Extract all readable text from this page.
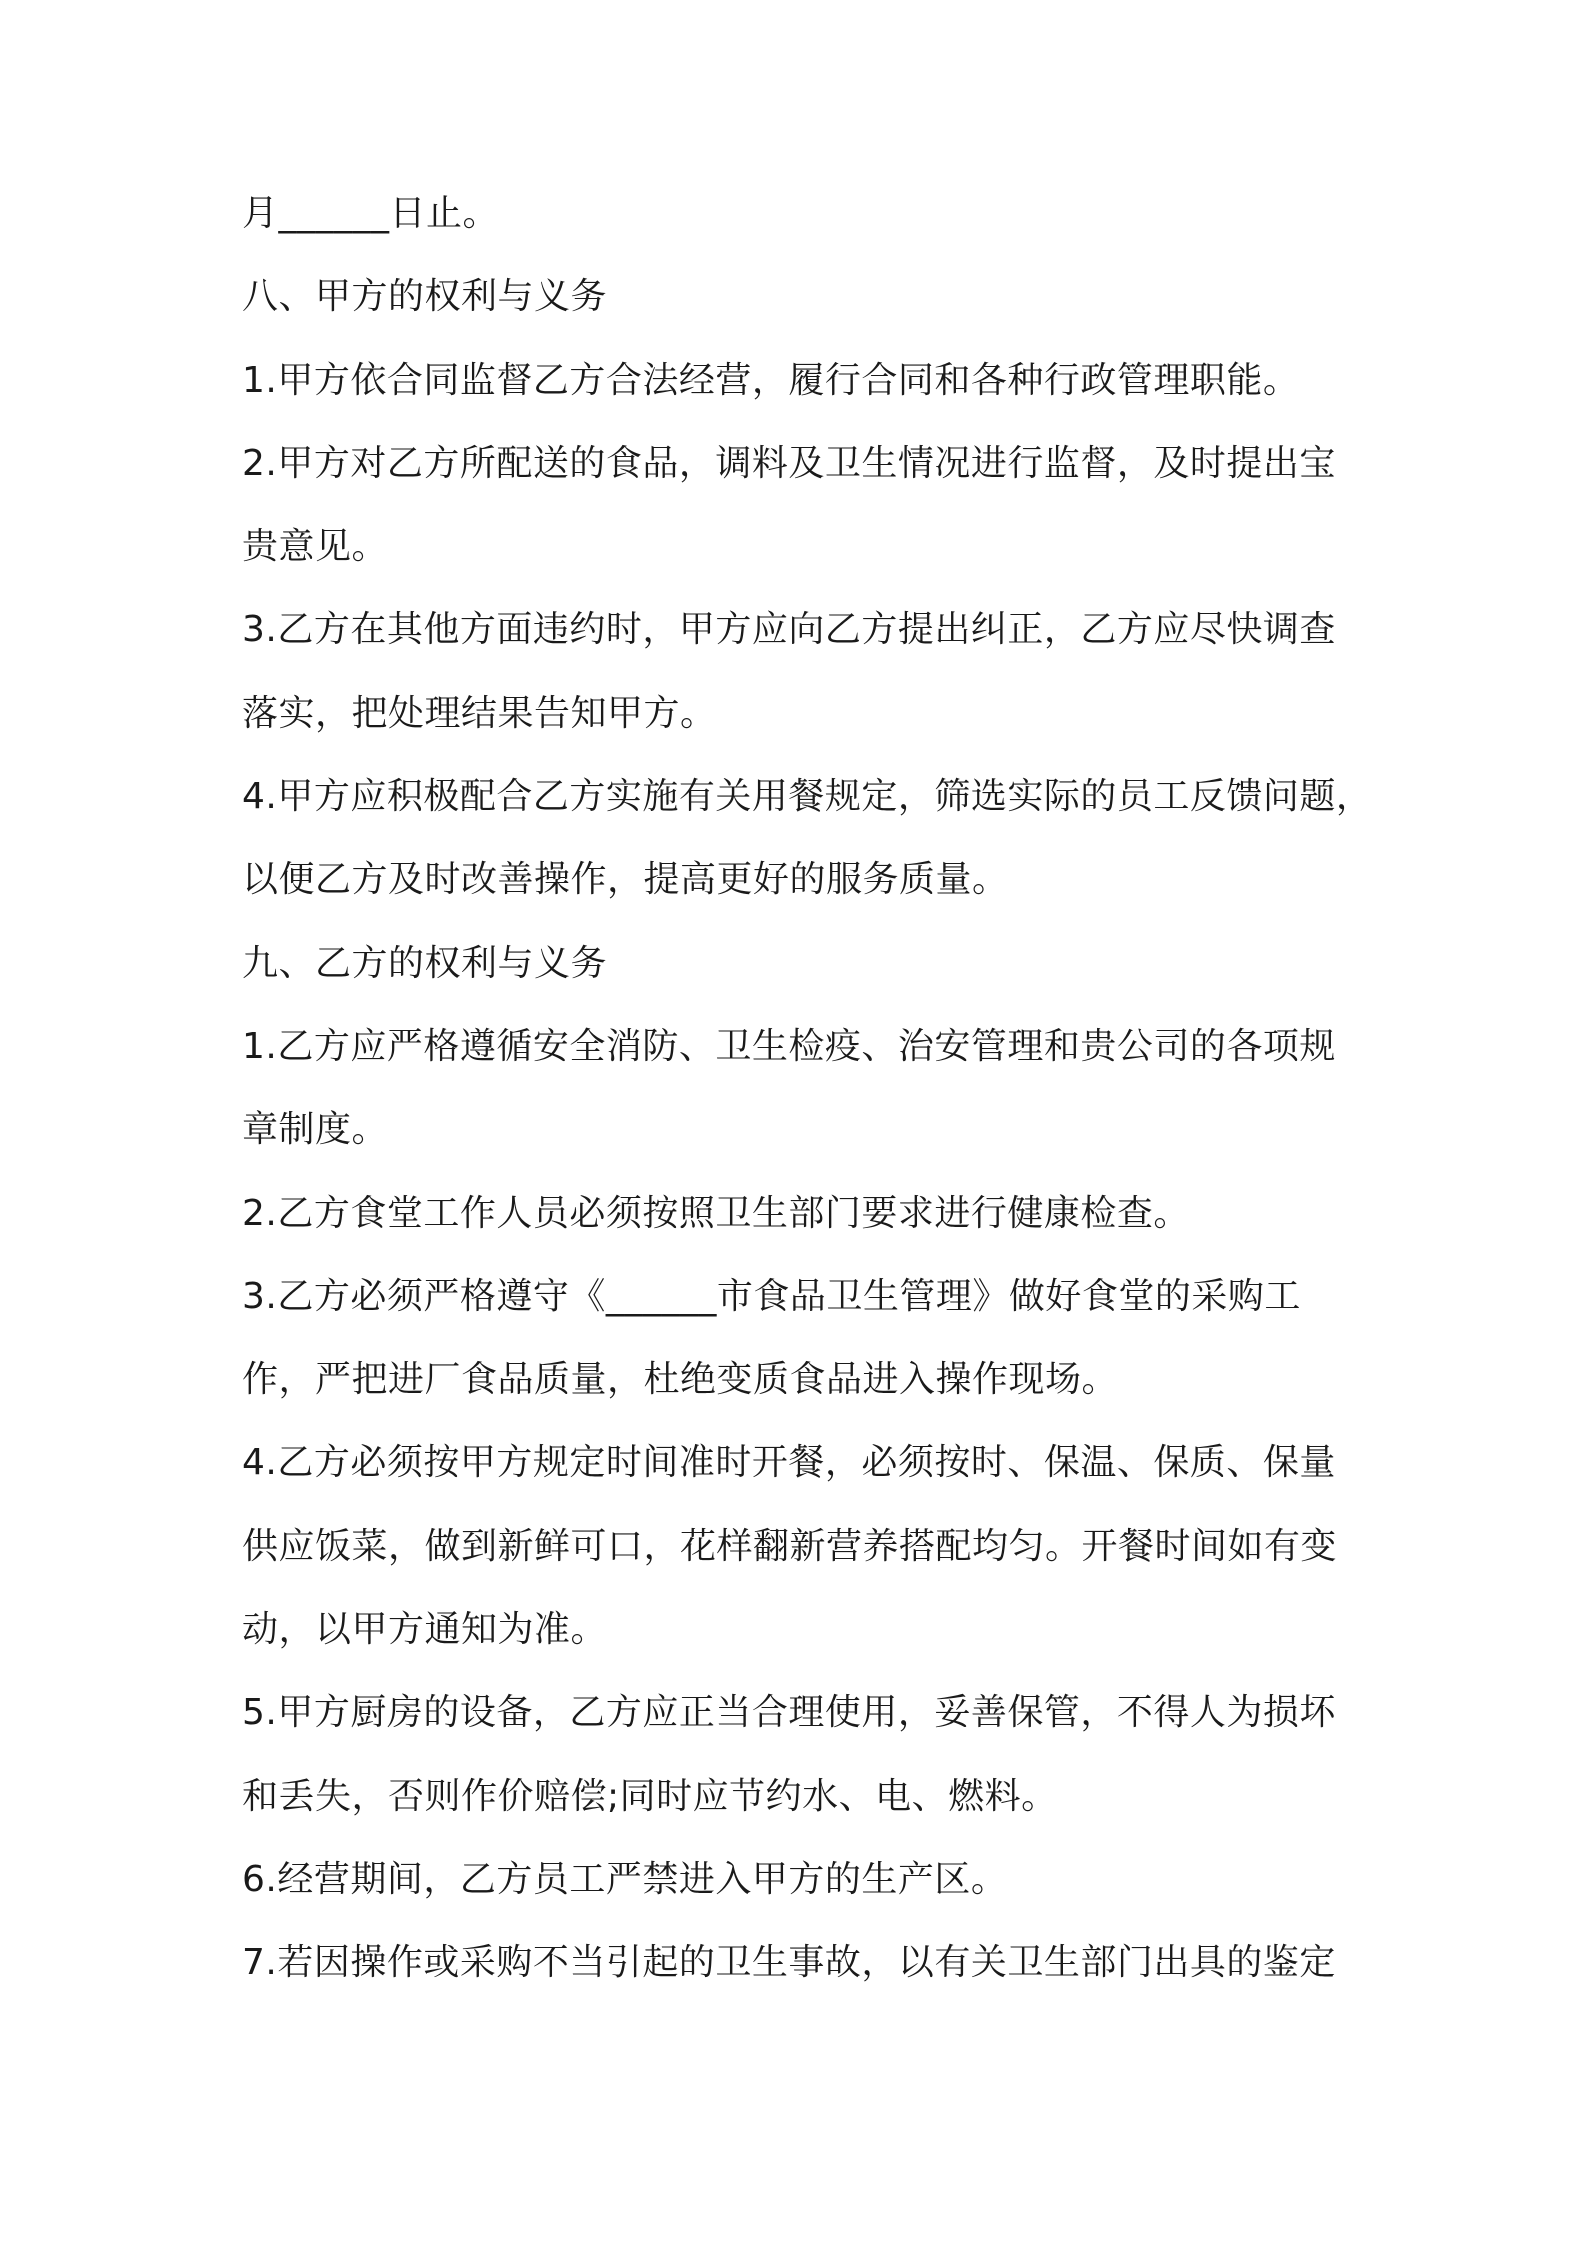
月______日止。
八、甲方的权利与义务
1.甲方依合同监督乙方合法经营，履行合同和各种行政管理职能。
2.甲方对乙方所配送的食品，调料及卫生情况进行监督，及时提出宝
贵意见。
3.乙方在其他方面违约时，甲方应向乙方提出纠正，乙方应尽快调查
落实，把处理结果告知甲方。
4.甲方应积极配合乙方实施有关用餐规定，筛选实际的员工反馈问题，
以便乙方及时改善操作，提高更好的服务质量。
九、乙方的权利与义务
1.乙方应严格遵循安全消防、卫生检疫、治安管理和贵公司的各项规
章制度。
2.乙方食堂工作人员必须按照卫生部门要求进行健康检查。
3.乙方必须严格遵守《______市食品卫生管理》做好食堂的采购工
作，严把进厂食品质量，杜绝变质食品进入操作现场。
4.乙方必须按甲方规定时间准时开餐，必须按时、保温、保质、保量
供应饭菜，做到新鲜可口，花样翻新营养搭配均匀。开餐时间如有变
动，以甲方通知为准。
5.甲方厨房的设备，乙方应正当合理使用，妥善保管，不得人为损坏
和丢失，否则作价赔偿;同时应节约水、电、燃料。
6.经营期间，乙方员工严禁进入甲方的生产区。
7.若因操作或采购不当引起的卫生事故，以有关卫生部门出具的鉴定
